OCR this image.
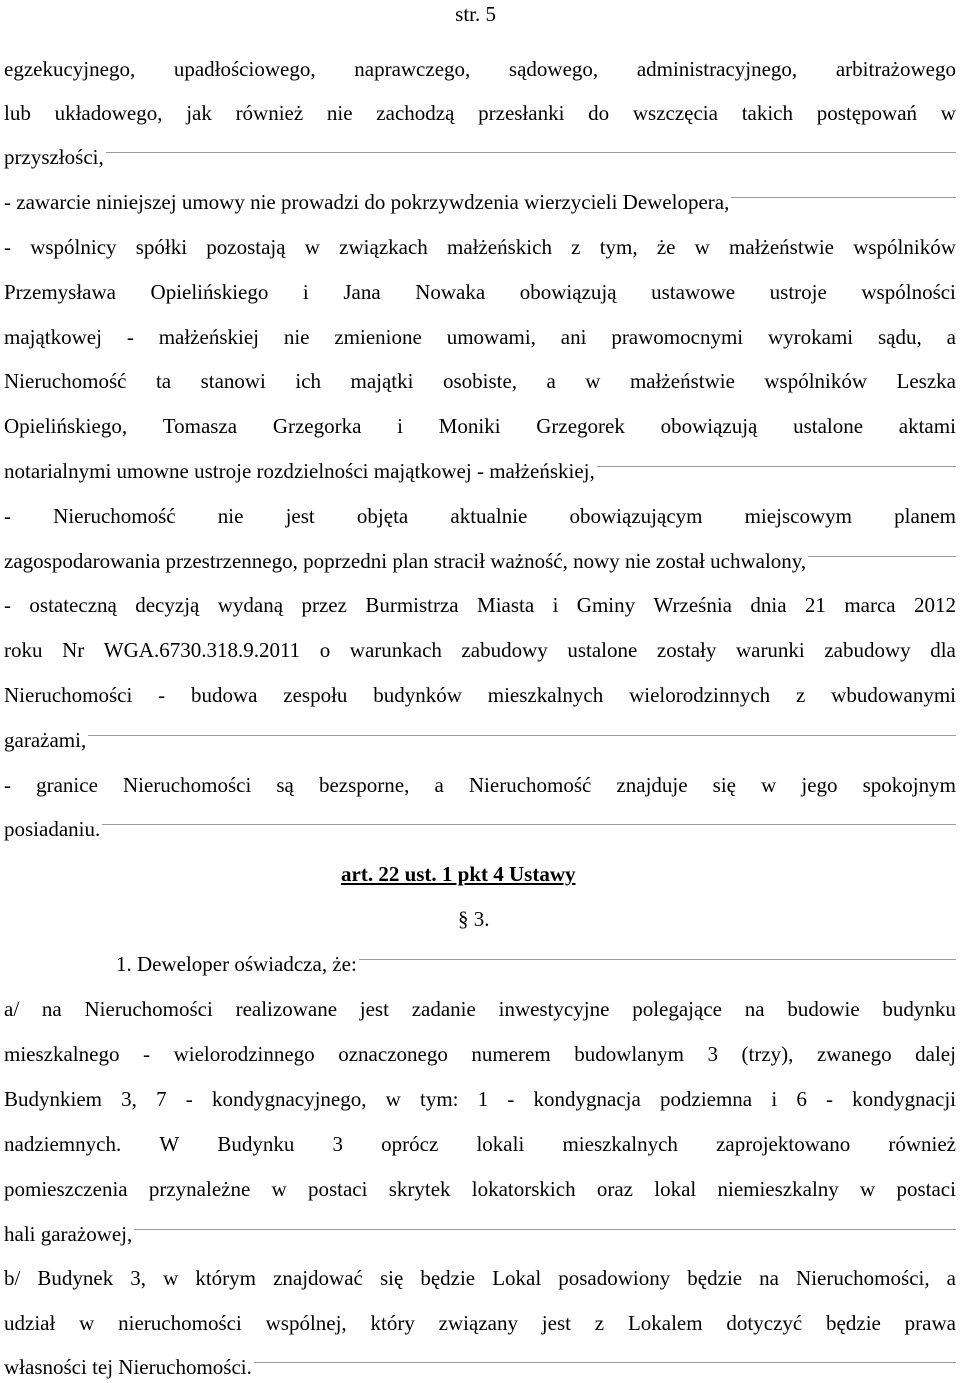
str. 5
egzekucyjnego, upadłościowego, naprawczego, sądowego, administracyjnego, arbitrażowego
lub układowego, jak również nie zachodzą przesłanki do wszczęcia takich postępowań w
przyszłości,
- zawarcie niniejszej umowy nie prowadzi do pokrzywdzenia wierzycieli Dewelopera,
- wspólnicy spółki pozostają w związkach małżeńskich z tym, że w małżeństwie wspólników
Przemysława Opielińskiego i Jana Nowaka obowiązują ustawowe ustroje wspólności
majątkowej - małżeńskiej nie zmienione umowami, ani prawomocnymi wyrokami sądu, a
Nieruchomość ta stanowi ich majątki osobiste, a w małżeństwie wspólników Leszka
Opielińskiego, Tomasza Grzegorka i Moniki Grzegorek obowiązują ustalone aktami
notarialnymi umowne ustroje rozdzielności majątkowej - małżeńskiej,
- Nieruchomość nie jest objęta aktualnie obowiązującym miejscowym planem
zagospodarowania przestrzennego, poprzedni plan stracił ważność, nowy nie został uchwalony,
- ostateczną decyzją wydaną przez Burmistrza Miasta i Gminy Września dnia 21 marca 2012
roku Nr WGA.6730.318.9.2011 o warunkach zabudowy ustalone zostały warunki zabudowy dla
Nieruchomości - budowa zespołu budynków mieszkalnych wielorodzinnych z wbudowanymi
garażami,
- granice Nieruchomości są bezsporne, a Nieruchomość znajduje się w jego spokojnym
posiadaniu.
art. 22 ust. 1 pkt 4 Ustawy
§ 3.
1. Deweloper oświadcza, że:
a/ na Nieruchomości realizowane jest zadanie inwestycyjne polegające na budowie budynku
mieszkalnego - wielorodzinnego oznaczonego numerem budowlanym 3 (trzy), zwanego dalej
Budynkiem 3, 7 - kondygnacyjnego, w tym: 1 - kondygnacja podziemna i 6 - kondygnacji
nadziemnych. W Budynku 3 oprócz lokali mieszkalnych zaprojektowano również
pomieszczenia przynależne w postaci skrytek lokatorskich oraz lokal niemieszkalny w postaci
hali garażowej,
b/ Budynek 3, w którym znajdować się będzie Lokal posadowiony będzie na Nieruchomości, a
udział w nieruchomości wspólnej, który związany jest z Lokalem dotyczyć będzie prawa
własności tej Nieruchomości.
